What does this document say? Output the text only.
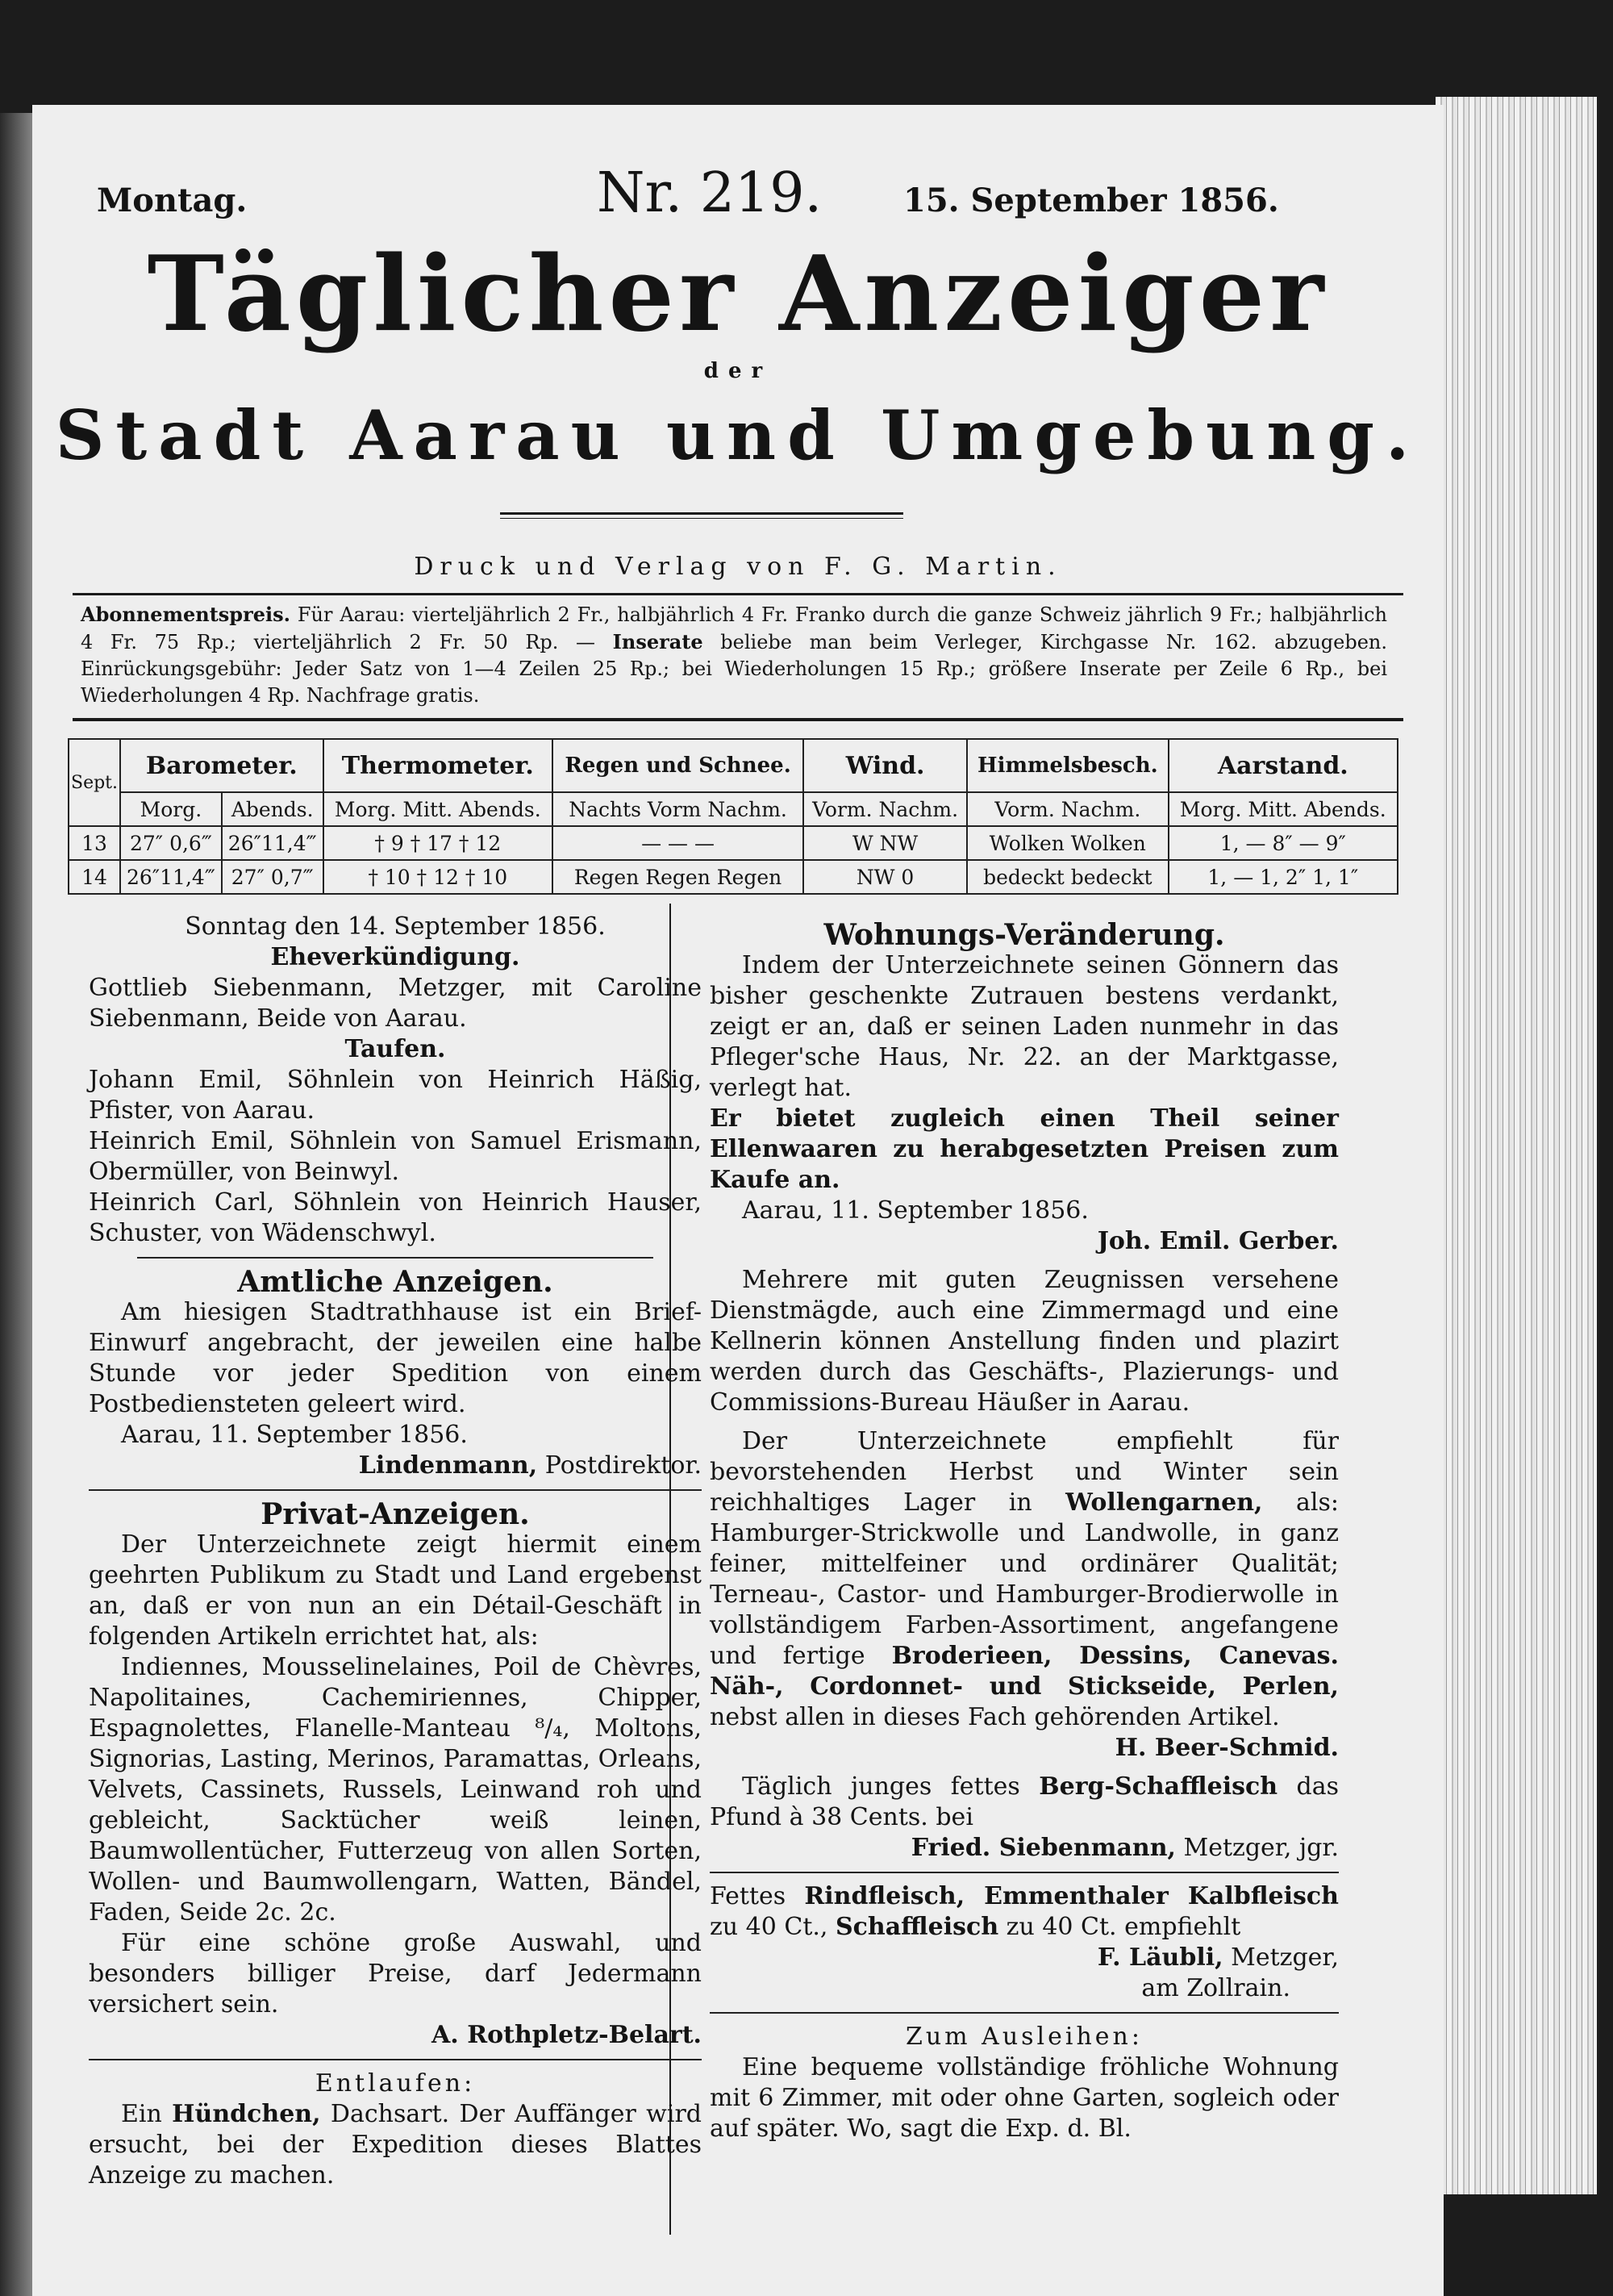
Montag.	Nr. 219.	15. September 1856.

Täglicher Anzeiger

der

Stadt Aarau und Umgebung.

Druck und Verlag von F. G. Martin.

Abonnementspreis. Für Aarau: vierteljährlich 2 Fr., halbjährlich 4 Fr. Franko durch die ganze Schweiz jährlich 9 Fr.; halbjährlich 4 Fr. 75 Rp.; vierteljährlich 2 Fr. 50 Rp. — Inserate beliebe man beim Verleger, Kirchgasse Nr. 162. abzugeben. Einrückungsgebühr: Jeder Satz von 1—4 Zeilen 25 Rp.; bei Wiederholungen 15 Rp.; größere Inserate per Zeile 6 Rp., bei Wiederholungen 4 Rp. Nachfrage gratis.

Sept.	Barometer.		Thermometer.	Regen und Schnee.	Wind.	Himmelsbesch.	Aarstand.
	Morg.	Abends.	Morg. Mitt. Abends.	Nachts Vorm Nachm.	Vorm. Nachm.	Vorm. Nachm.	Morg. Mitt. Abends.
13	27″ 0,6‴	26″11,4‴	† 9 † 17 † 12	— — —	W NW	Wolken Wolken	1, — 8″ — 9″
14	26″11,4‴	27″ 0,7‴	† 10 † 12 † 10	Regen Regen Regen	NW 0	bedeckt bedeckt	1, — 1, 2″ 1, 1″

Sonntag den 14. September 1856.

Eheverkündigung.

Gottlieb Siebenmann, Metzger, mit Caroline Siebenmann, Beide von Aarau.

Taufen.

Johann Emil, Söhnlein von Heinrich Häßig, Pfister, von Aarau.

Heinrich Emil, Söhnlein von Samuel Erismann, Obermüller, von Beinwyl.

Heinrich Carl, Söhnlein von Heinrich Hauser, Schuster, von Wädenschwyl.

Amtliche Anzeigen.

Am hiesigen Stadtrathhause ist ein Brief-Einwurf angebracht, der jeweilen eine halbe Stunde vor jeder Spedition von einem Postbediensteten geleert wird.

Aarau, 11. September 1856.

Lindenmann, Postdirektor.

Privat-Anzeigen.

Der Unterzeichnete zeigt hiermit einem geehrten Publikum zu Stadt und Land ergebenst an, daß er von nun an ein Détail-Geschäft in folgenden Artikeln errichtet hat, als:

Indiennes, Mousselinelaines, Poil de Chèvres, Napolitaines, Cachemiriennes, Chipper, Espagnolettes, Flanelle-Manteau ⁸/₄, Moltons, Signorias, Lasting, Merinos, Paramattas, Orleans, Velvets, Cassinets, Russels, Leinwand roh und gebleicht, Sacktücher weiß leinen, Baumwollentücher, Futterzeug von allen Sorten, Wollen- und Baumwollengarn, Watten, Bändel, Faden, Seide 2c. 2c.

Für eine schöne große Auswahl, und besonders billiger Preise, darf Jedermann versichert sein.

A. Rothpletz-Belart.

Entlaufen:

Ein Hündchen, Dachsart. Der Auffänger wird ersucht, bei der Expedition dieses Blattes Anzeige zu machen.

Wohnungs-Veränderung.

Indem der Unterzeichnete seinen Gönnern das bisher geschenkte Zutrauen bestens verdankt, zeigt er an, daß er seinen Laden nunmehr in das Pfleger'sche Haus, Nr. 22. an der Marktgasse, verlegt hat.

Er bietet zugleich einen Theil seiner Ellenwaaren zu herabgesetzten Preisen zum Kaufe an.

Aarau, 11. September 1856.

Joh. Emil. Gerber.

Mehrere mit guten Zeugnissen versehene Dienstmägde, auch eine Zimmermagd und eine Kellnerin können Anstellung finden und plazirt werden durch das Geschäfts-, Plazierungs- und Commissions-Bureau Häußer in Aarau.

Der Unterzeichnete empfiehlt für bevorstehenden Herbst und Winter sein reichhaltiges Lager in Wollengarnen, als: Hamburger-Strickwolle und Landwolle, in ganz feiner, mittelfeiner und ordinärer Qualität; Terneau-, Castor- und Hamburger-Brodierwolle in vollständigem Farben-Assortiment, angefangene und fertige Broderieen, Dessins, Canevas. Näh-, Cordonnet- und Stickseide, Perlen, nebst allen in dieses Fach gehörenden Artikel.

H. Beer-Schmid.

Täglich junges fettes Berg-Schaffleisch das Pfund à 38 Cents. bei

Fried. Siebenmann, Metzger, jgr.

Fettes Rindfleisch, Emmenthaler Kalbfleisch zu 40 Ct., Schaffleisch zu 40 Ct. empfiehlt

F. Läubli, Metzger,

am Zollrain.

Zum Ausleihen:

Eine bequeme vollständige fröhliche Wohnung mit 6 Zimmer, mit oder ohne Garten, sogleich oder auf später. Wo, sagt die Exp. d. Bl.
